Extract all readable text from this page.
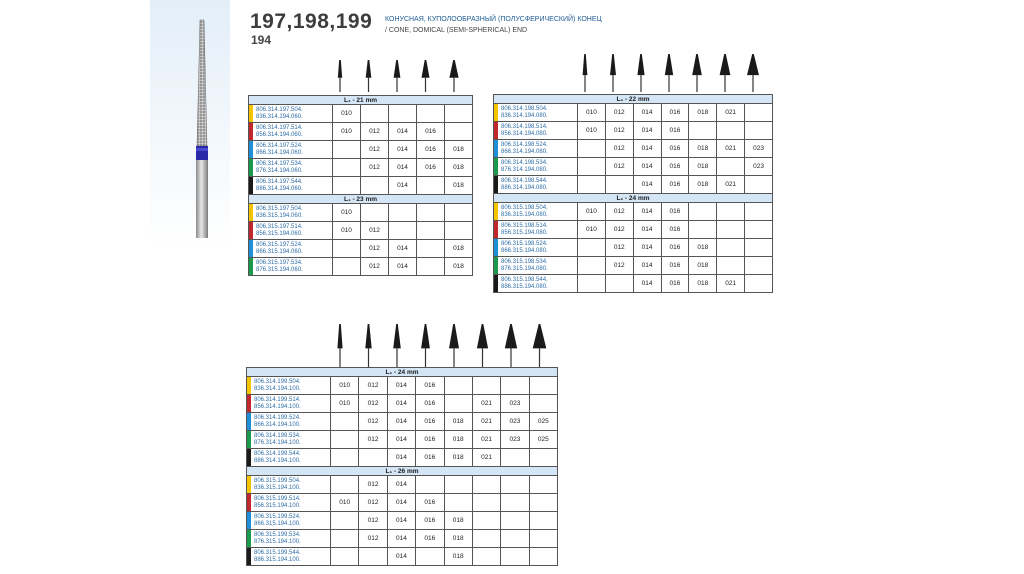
197,198,199
194
КОНУСНАЯ, КУПОЛООБРАЗНЫЙ (ПОЛУСФЕРИЧЕСКИЙ) КОНЕЦ
/ CONE, DOMICAL (SEMI-SPHERICAL) END
L₁ - 21 mm					

806.314.197.504.
836.314.194.060.	010				

806.314.197.514.
856.314.194.060.	010	012	014	016	

806.314.197.524.
866.314.194.060.		012	014	016	018

806.314.197.534.
876.314.194.060.		012	014	016	018

806.314.197.544.
886.314.194.060.			014		018
L₁ - 23 mm					

806.315.197.504.
836.315.194.060.	010				

806.315.197.514.
856.315.194.060.	010	012			

806.315.197.524.
866.315.194.060.		012	014		018

806.315.197.534.
876.315.194.060.		012	014		018
L₁ - 22 mm							

806.314.198.504.
836.314.194.080.	010	012	014	016	018	021	

806.314.198.514.
856.314.194.080.	010	012	014	016			

806.314.198.524.
866.314.194.080.		012	014	016	018	021	023

806.314.198.534.
876.314.194.080.		012	014	016	018		023

806.314.198.544.
886.314.194.080.			014	016	018	021	
L₁ - 24 mm							

806.315.198.504.
836.315.194.080.	010	012	014	016			

806.315.198.514.
856.315.194.080.	010	012	014	016			

806.315.198.524.
866.315.194.080.		012	014	016	018		

806.315.198.534.
876.315.194.080.		012	014	016	018		

806.315.198.544.
886.315.194.080.			014	016	018	021	
L₁ - 24 mm								

806.314.199.504.
836.314.194.100.	010	012	014	016				

806.314.199.514.
856.314.194.100.	010	012	014	016		021	023	

806.314.199.524.
866.314.194.100.		012	014	016	018	021	023	025

806.314.199.534.
876.314.194.100.		012	014	016	018	021	023	025

806.314.199.544.
886.314.194.100.			014	016	018	021		
L₁ - 26 mm								

806.315.199.504.
836.315.194.100.		012	014					

806.315.199.514.
856.315.194.100.	010	012	014	016				

806.315.199.524.
866.315.194.100.		012	014	016	018			

806.315.199.534.
876.315.194.100.		012	014	016	018			

806.315.199.544.
886.315.194.100.			014		018			
